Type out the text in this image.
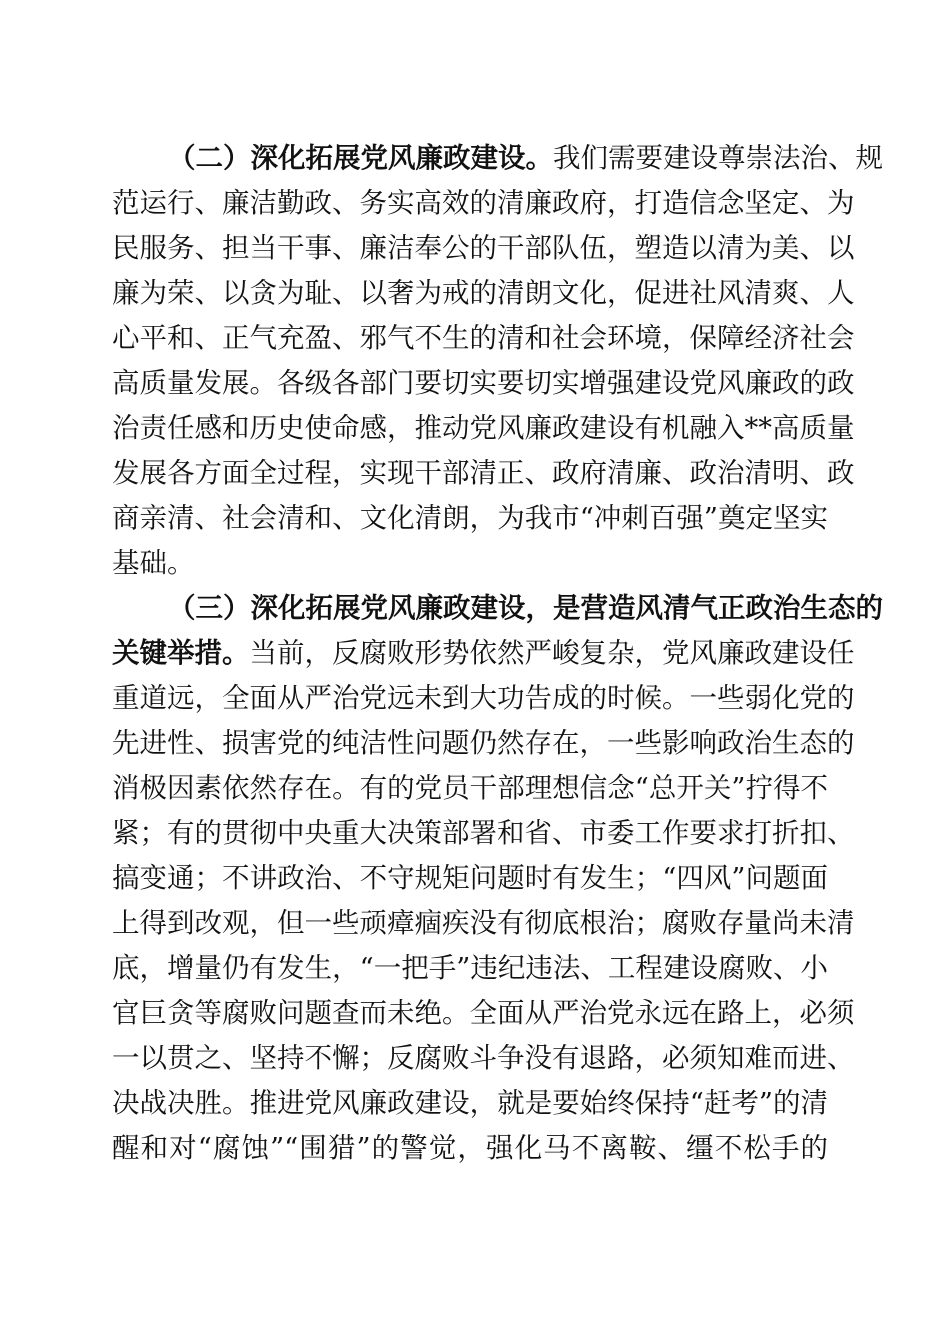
（二）深化拓展党风廉政建设。我们需要建设尊崇法治、规
范运行、廉洁勤政、务实高效的清廉政府，打造信念坚定、为
民服务、担当干事、廉洁奉公的干部队伍，塑造以清为美、以
廉为荣、以贪为耻、以奢为戒的清朗文化，促进社风清爽、人
心平和、正气充盈、邪气不生的清和社会环境，保障经济社会
高质量发展。各级各部门要切实要切实增强建设党风廉政的政
治责任感和历史使命感，推动党风廉政建设有机融入**高质量
发展各方面全过程，实现干部清正、政府清廉、政治清明、政
商亲清、社会清和、文化清朗，为我市“冲刺百强”奠定坚实
基础。
（三）深化拓展党风廉政建设，是营造风清气正政治生态的
关键举措。当前，反腐败形势依然严峻复杂，党风廉政建设任
重道远，全面从严治党远未到大功告成的时候。一些弱化党的
先进性、损害党的纯洁性问题仍然存在，一些影响政治生态的
消极因素依然存在。有的党员干部理想信念“总开关”拧得不
紧；有的贯彻中央重大决策部署和省、市委工作要求打折扣、
搞变通；不讲政治、不守规矩问题时有发生；“四风”问题面
上得到改观，但一些顽瘴痼疾没有彻底根治；腐败存量尚未清
底，增量仍有发生，“一把手”违纪违法、工程建设腐败、小
官巨贪等腐败问题查而未绝。全面从严治党永远在路上，必须
一以贯之、坚持不懈；反腐败斗争没有退路，必须知难而进、
决战决胜。推进党风廉政建设，就是要始终保持“赶考”的清
醒和对“腐蚀”“围猎”的警觉，强化马不离鞍、缰不松手的
